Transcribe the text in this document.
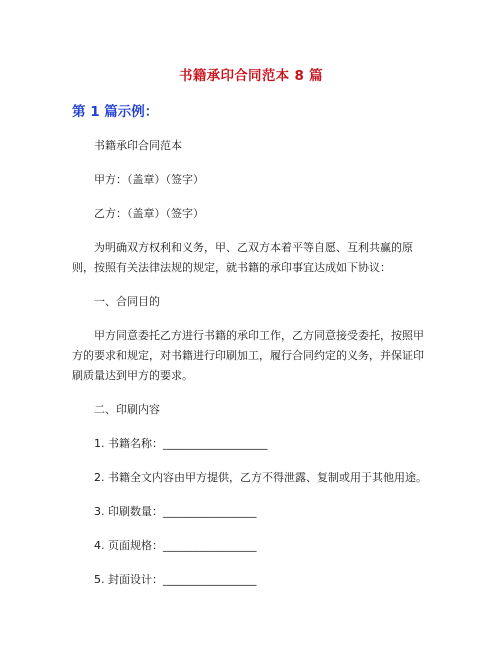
书籍承印合同范本 8 篇
第 1 篇示例：

书籍承印合同范本

甲方：（盖章）（签字）

乙方：（盖章）（签字）

为明确双方权利和义务，甲、乙双方本着平等自愿、互利共赢的原则，按照有关法律法规的规定，就书籍的承印事宜达成如下协议：

一、合同目的

甲方同意委托乙方进行书籍的承印工作，乙方同意接受委托，按照甲方的要求和规定，对书籍进行印刷加工，履行合同约定的义务，并保证印刷质量达到甲方的要求。

二、印刷内容

1. 书籍名称：___________________

2. 书籍全文内容由甲方提供，乙方不得泄露、复制或用于其他用途。

3. 印刷数量：_________________

4. 页面规格：_________________

5. 封面设计：_________________
